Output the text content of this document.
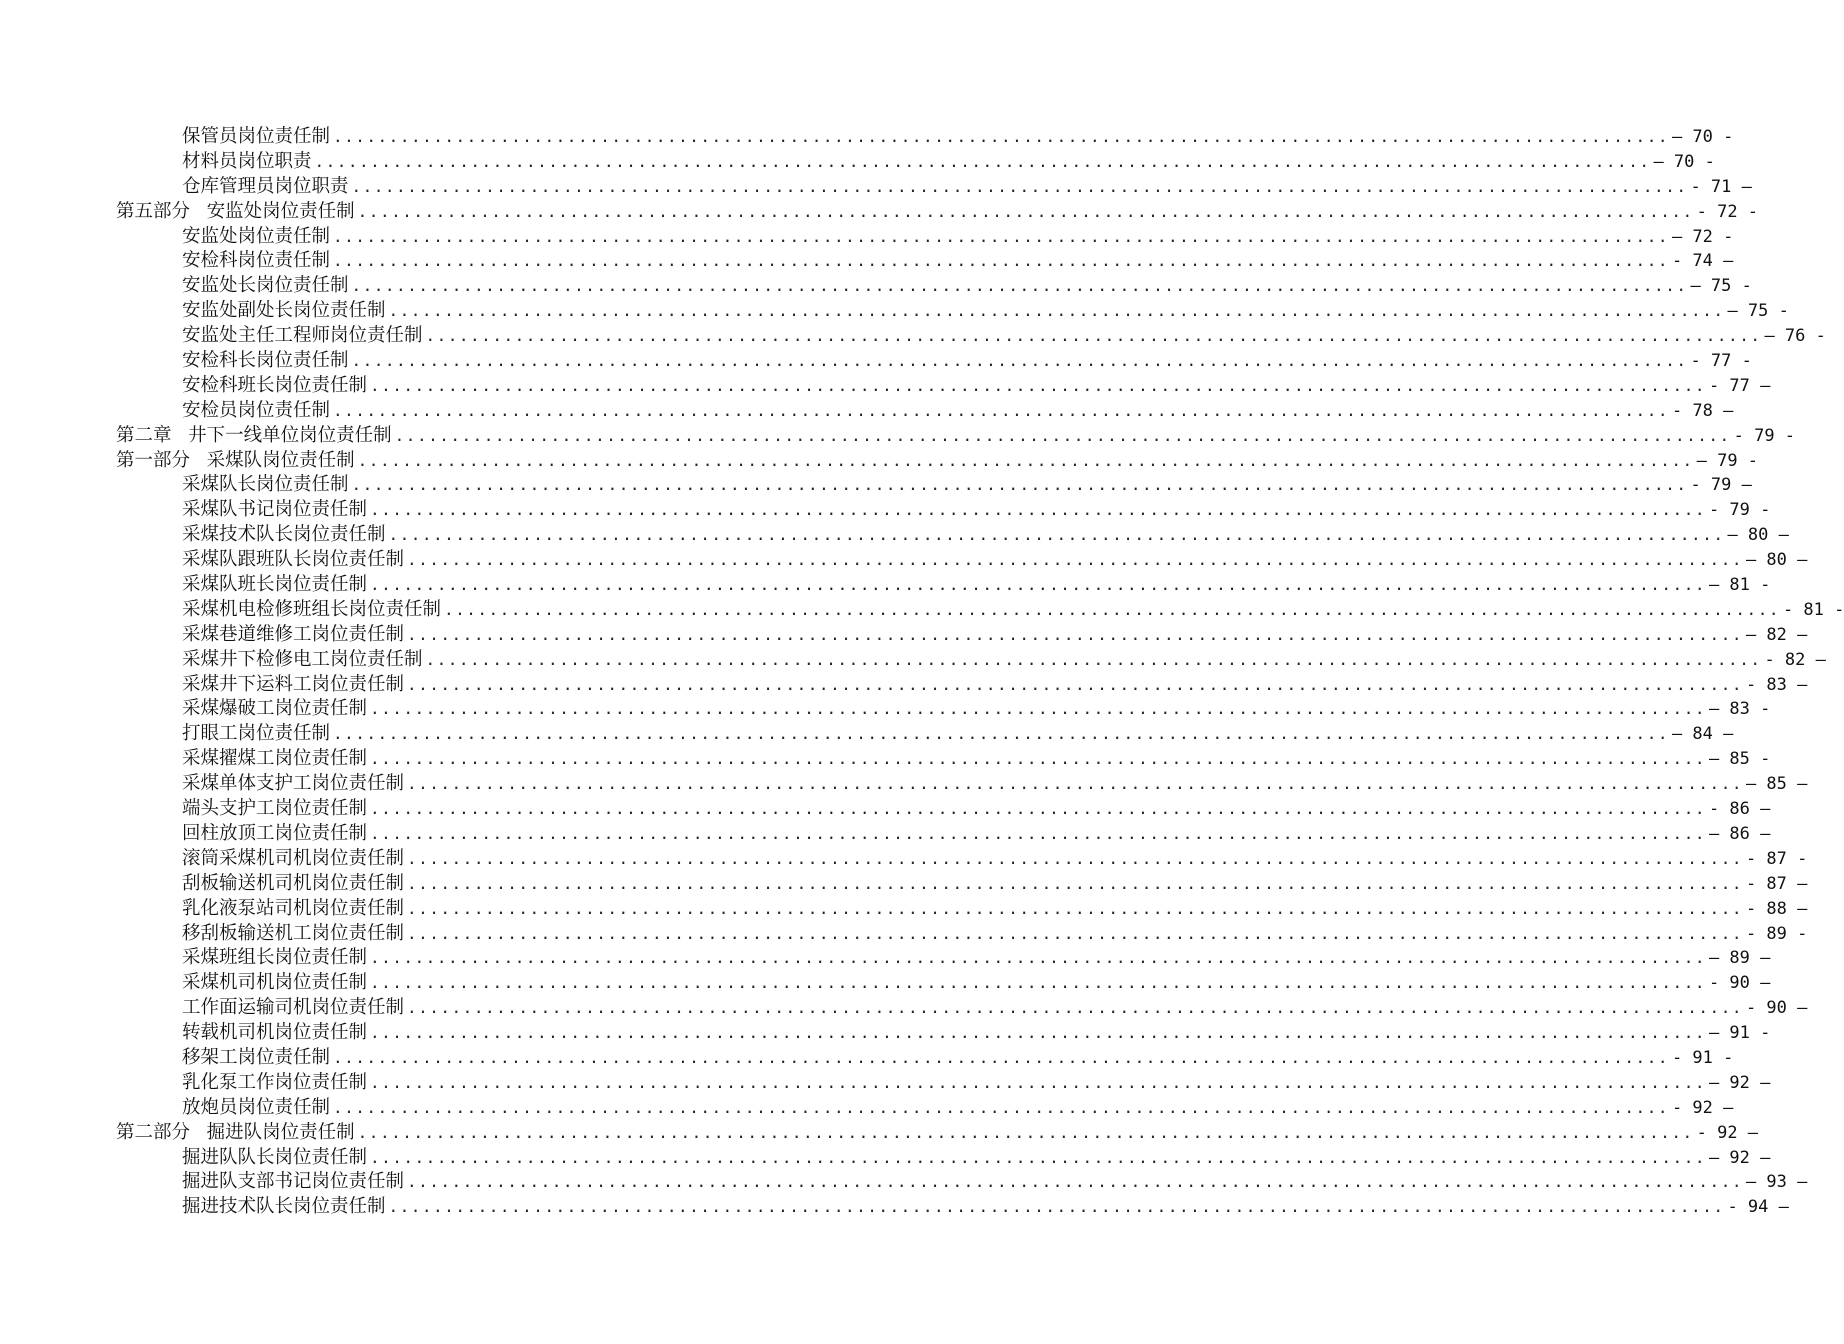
保管员岗位责任制 ........................................................................................................................ — 70 -
材料员岗位职责 ........................................................................................................................ — 70 -
仓库管理员岗位职责 ........................................................................................................................ - 71 —
第五部分 安监处岗位责任制 ........................................................................................................................ - 72 -
安监处岗位责任制 ........................................................................................................................ — 72 -
安检科岗位责任制 ........................................................................................................................ - 74 —
安监处长岗位责任制 ........................................................................................................................ — 75 -
安监处副处长岗位责任制 ........................................................................................................................ — 75 -
安监处主任工程师岗位责任制 ........................................................................................................................ — 76 -
安检科长岗位责任制 ........................................................................................................................ - 77 -
安检科班长岗位责任制 ........................................................................................................................ - 77 —
安检员岗位责任制 ........................................................................................................................ - 78 —
第二章 井下一线单位岗位责任制 ........................................................................................................................ - 79 -
第一部分 采煤队岗位责任制 ........................................................................................................................ — 79 -
采煤队长岗位责任制 ........................................................................................................................ - 79 —
采煤队书记岗位责任制 ........................................................................................................................ - 79 -
采煤技术队长岗位责任制 ........................................................................................................................ — 80 —
采煤队跟班队长岗位责任制 ........................................................................................................................ — 80 —
采煤队班长岗位责任制 ........................................................................................................................ — 81 -
采煤机电检修班组长岗位责任制 ........................................................................................................................ - 81 -
采煤巷道维修工岗位责任制 ........................................................................................................................ — 82 —
采煤井下检修电工岗位责任制 ........................................................................................................................ - 82 —
采煤井下运料工岗位责任制 ........................................................................................................................ - 83 —
采煤爆破工岗位责任制 ........................................................................................................................ — 83 -
打眼工岗位责任制 ........................................................................................................................ — 84 —
采煤擢煤工岗位责任制 ........................................................................................................................ — 85 -
采煤单体支护工岗位责任制 ........................................................................................................................ — 85 —
端头支护工岗位责任制 ........................................................................................................................ - 86 —
回柱放顶工岗位责任制 ........................................................................................................................ — 86 —
滚筒采煤机司机岗位责任制 ........................................................................................................................ - 87 -
刮板输送机司机岗位责任制 ........................................................................................................................ - 87 —
乳化液泵站司机岗位责任制 ........................................................................................................................ - 88 —
移刮板输送机工岗位责任制 ........................................................................................................................ - 89 -
采煤班组长岗位责任制 ........................................................................................................................ — 89 —
采煤机司机岗位责任制 ........................................................................................................................ - 90 —
工作面运输司机岗位责任制 ........................................................................................................................ - 90 —
转载机司机岗位责任制 ........................................................................................................................ — 91 -
移架工岗位责任制 ........................................................................................................................ - 91 -
乳化泵工作岗位责任制 ........................................................................................................................ — 92 —
放炮员岗位责任制 ........................................................................................................................ - 92 —
第二部分 掘进队岗位责任制 ........................................................................................................................ - 92 —
掘进队队长岗位责任制 ........................................................................................................................ — 92 —
掘进队支部书记岗位责任制 ........................................................................................................................ — 93 —
掘进技术队长岗位责任制 ........................................................................................................................ - 94 —
